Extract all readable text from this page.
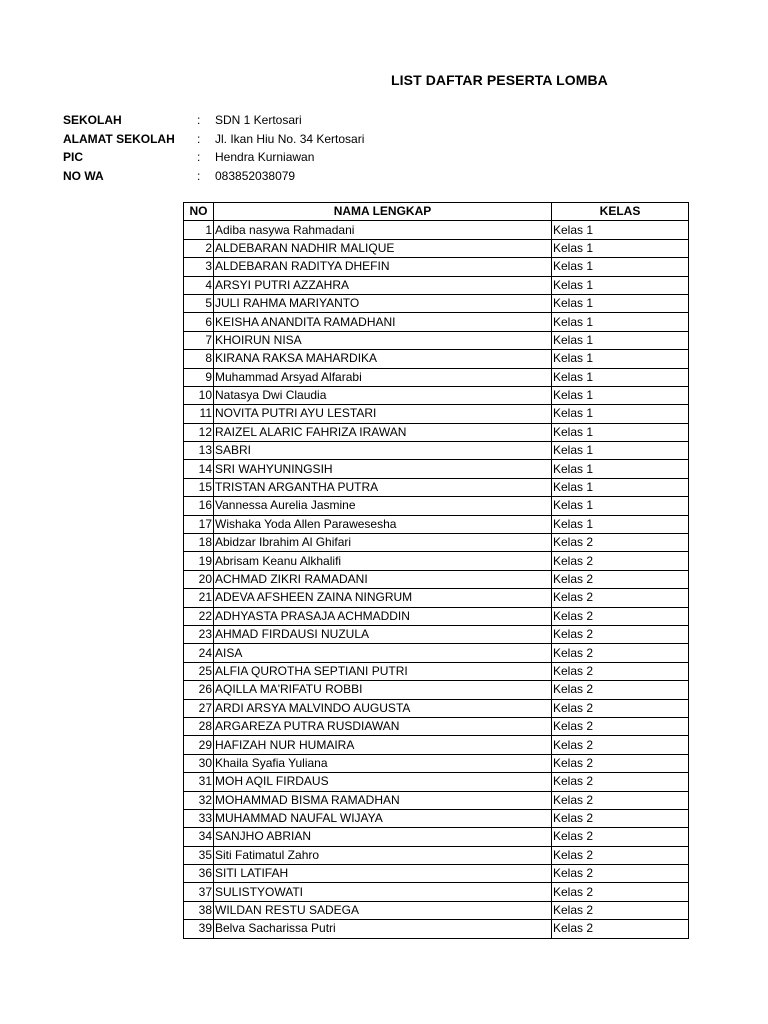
LIST DAFTAR PESERTA LOMBA
SEKOLAH	: SDN 1 Kertosari
ALAMAT SEKOLAH : Jl. Ikan Hiu No. 34 Kertosari
PIC	: Hendra Kurniawan
NO WA	: 083852038079
NO	NAMA LENGKAP	KELAS
1	Adiba nasywa Rahmadani	Kelas 1
2	ALDEBARAN NADHIR MALIQUE	Kelas 1
3	ALDEBARAN RADITYA DHEFIN	Kelas 1
4	ARSYI PUTRI AZZAHRA	Kelas 1
5	JULI RAHMA MARIYANTO	Kelas 1
6	KEISHA ANANDITA RAMADHANI	Kelas 1
7	KHOIRUN NISA	Kelas 1
8	KIRANA RAKSA MAHARDIKA	Kelas 1
9	Muhammad Arsyad Alfarabi	Kelas 1
10	Natasya Dwi Claudia	Kelas 1
11	NOVITA PUTRI AYU LESTARI	Kelas 1
12	RAIZEL ALARIC FAHRIZA IRAWAN	Kelas 1
13	SABRI	Kelas 1
14	SRI WAHYUNINGSIH	Kelas 1
15	TRISTAN ARGANTHA PUTRA	Kelas 1
16	Vannessa Aurelia Jasmine	Kelas 1
17	Wishaka Yoda Allen Parawesesha	Kelas 1
18	Abidzar Ibrahim Al Ghifari	Kelas 2
19	Abrisam Keanu Alkhalifi	Kelas 2
20	ACHMAD ZIKRI RAMADANI	Kelas 2
21	ADEVA AFSHEEN ZAINA NINGRUM	Kelas 2
22	ADHYASTA PRASAJA ACHMADDIN	Kelas 2
23	AHMAD FIRDAUSI NUZULA	Kelas 2
24	AISA	Kelas 2
25	ALFIA QUROTHA SEPTIANI PUTRI	Kelas 2
26	AQILLA MA'RIFATU ROBBI	Kelas 2
27	ARDI ARSYA MALVINDO AUGUSTA	Kelas 2
28	ARGAREZA PUTRA RUSDIAWAN	Kelas 2
29	HAFIZAH NUR HUMAIRA	Kelas 2
30	Khaila Syafia Yuliana	Kelas 2
31	MOH AQIL FIRDAUS	Kelas 2
32	MOHAMMAD BISMA RAMADHAN	Kelas 2
33	MUHAMMAD NAUFAL WIJAYA	Kelas 2
34	SANJHO ABRIAN	Kelas 2
35	Siti Fatimatul Zahro	Kelas 2
36	SITI LATIFAH	Kelas 2
37	SULISTYOWATI	Kelas 2
38	WILDAN RESTU SADEGA	Kelas 2
39	Belva Sacharissa Putri	Kelas 2
